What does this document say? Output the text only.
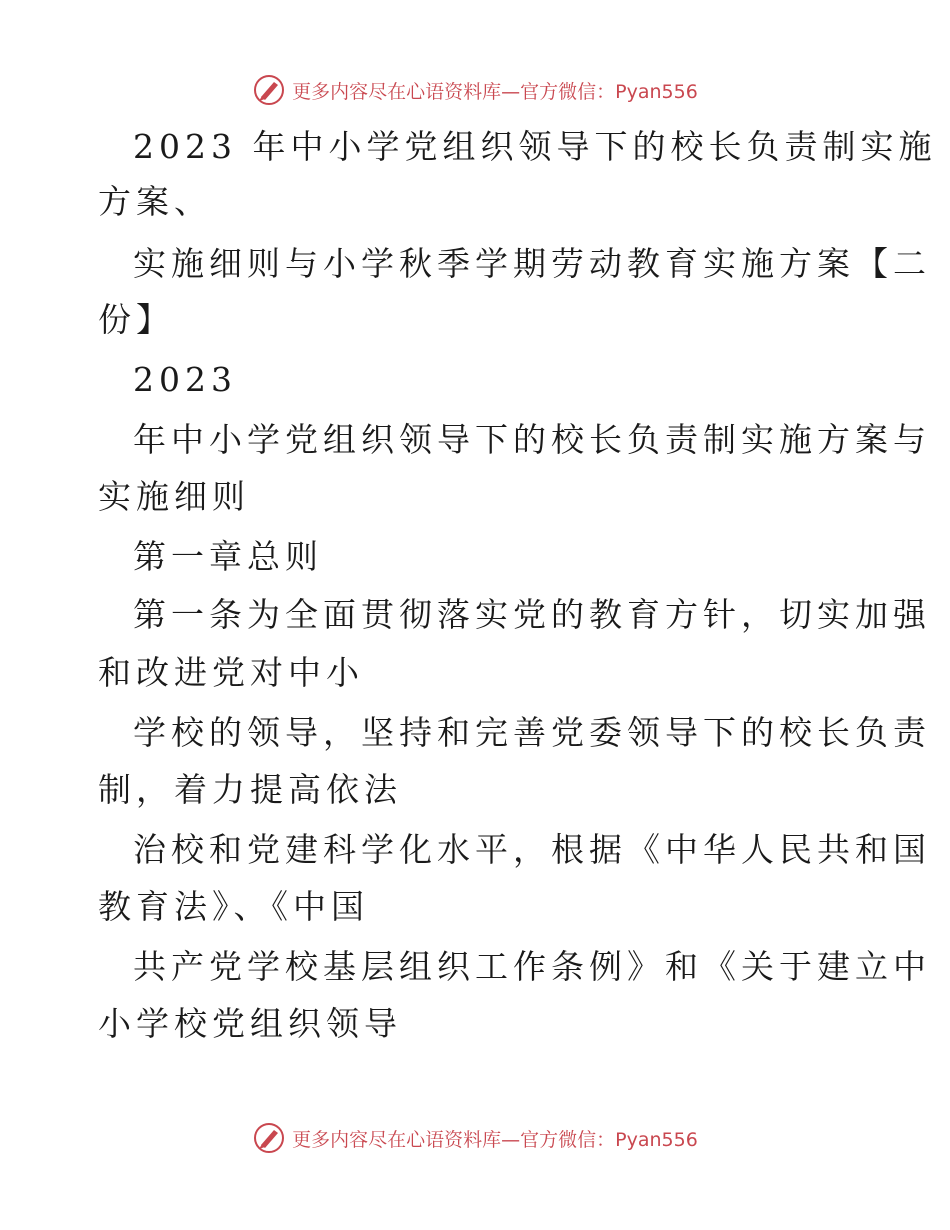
更多内容尽在心语资料库—官方微信：Pyan556
2023 年中小学党组织领导下的校长负责制实施
方案、
实施细则与小学秋季学期劳动教育实施方案【二
份】
2023
年中小学党组织领导下的校长负责制实施方案与
实施细则
第一章总则
第一条为全面贯彻落实党的教育方针，切实加强
和改进党对中小
学校的领导，坚持和完善党委领导下的校长负责
制，着力提高依法
治校和党建科学化水平，根据《中华人民共和国
教育法》、《中国
共产党学校基层组织工作条例》和《关于建立中
小学校党组织领导
更多内容尽在心语资料库—官方微信：Pyan556
